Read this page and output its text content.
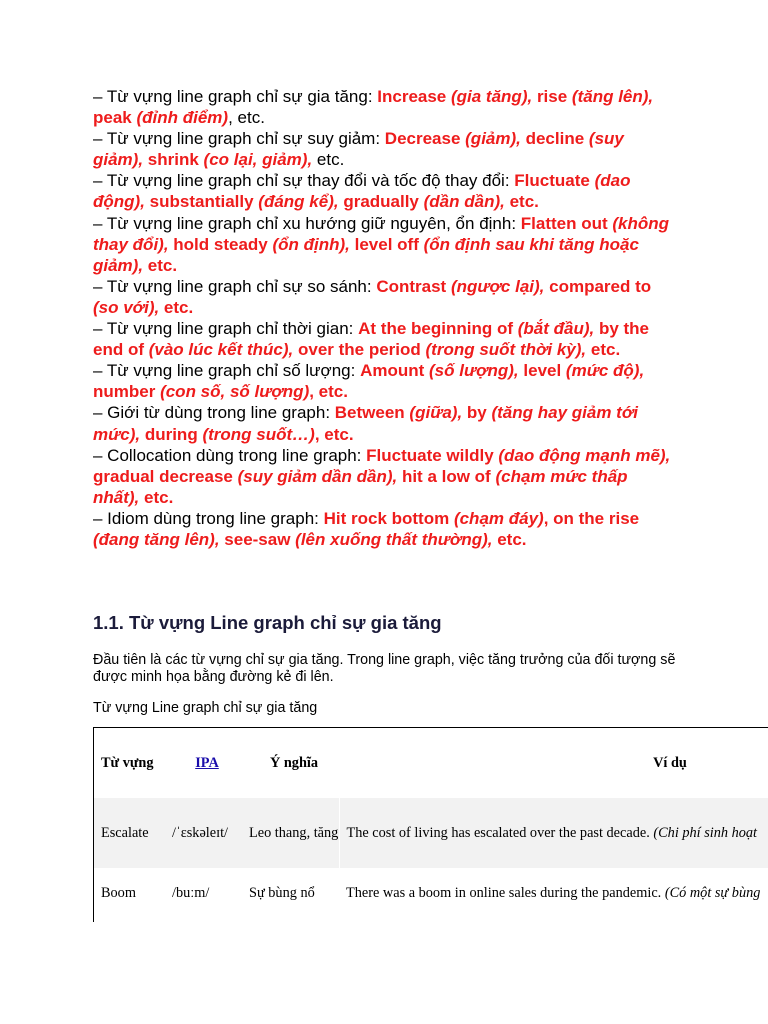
– Từ vựng line graph chỉ sự gia tăng: Increase (gia tăng), rise (tăng lên), peak (đỉnh điểm), etc.

– Từ vựng line graph chỉ sự suy giảm: Decrease (giảm), decline (suy giảm), shrink (co lại, giảm), etc.

– Từ vựng line graph chỉ sự thay đổi và tốc độ thay đổi: Fluctuate (dao động), substantially (đáng kể), gradually (dần dần), etc.

– Từ vựng line graph chỉ xu hướng giữ nguyên, ổn định: Flatten out (không thay đổi), hold steady (ổn định), level off (ổn định sau khi tăng hoặc giảm), etc.

– Từ vựng line graph chỉ sự so sánh: Contrast (ngược lại), compared to (so với), etc.

– Từ vựng line graph chỉ thời gian: At the beginning of (bắt đầu), by the end of (vào lúc kết thúc), over the period (trong suốt thời kỳ), etc.

– Từ vựng line graph chỉ số lượng: Amount (số lượng), level (mức độ), number (con số, số lượng), etc.

– Giới từ dùng trong line graph: Between (giữa), by (tăng hay giảm tới mức), during (trong suốt…), etc.

– Collocation dùng trong line graph: Fluctuate wildly (dao động mạnh mẽ), gradual decrease (suy giảm dần dần), hit a low of (chạm mức thấp nhất), etc.

– Idiom dùng trong line graph: Hit rock bottom (chạm đáy), on the rise (đang tăng lên), see-saw (lên xuống thất thường), etc.

1.1. Từ vựng Line graph chỉ sự gia tăng

Đầu tiên là các từ vựng chỉ sự gia tăng. Trong line graph, việc tăng trưởng của đối tượng sẽ được minh họa bằng đường kẻ đi lên.

Từ vựng Line graph chỉ sự gia tăng

Từ vựng	IPA	Ý nghĩa	Ví dụ
Escalate	/ˈɛskəleɪt/	Leo thang, tăng	The cost of living has escalated over the past decade. (Chi phí sinh hoạt
Boom	/buːm/	Sự bùng nổ	There was a boom in online sales during the pandemic. (Có một sự bùng
